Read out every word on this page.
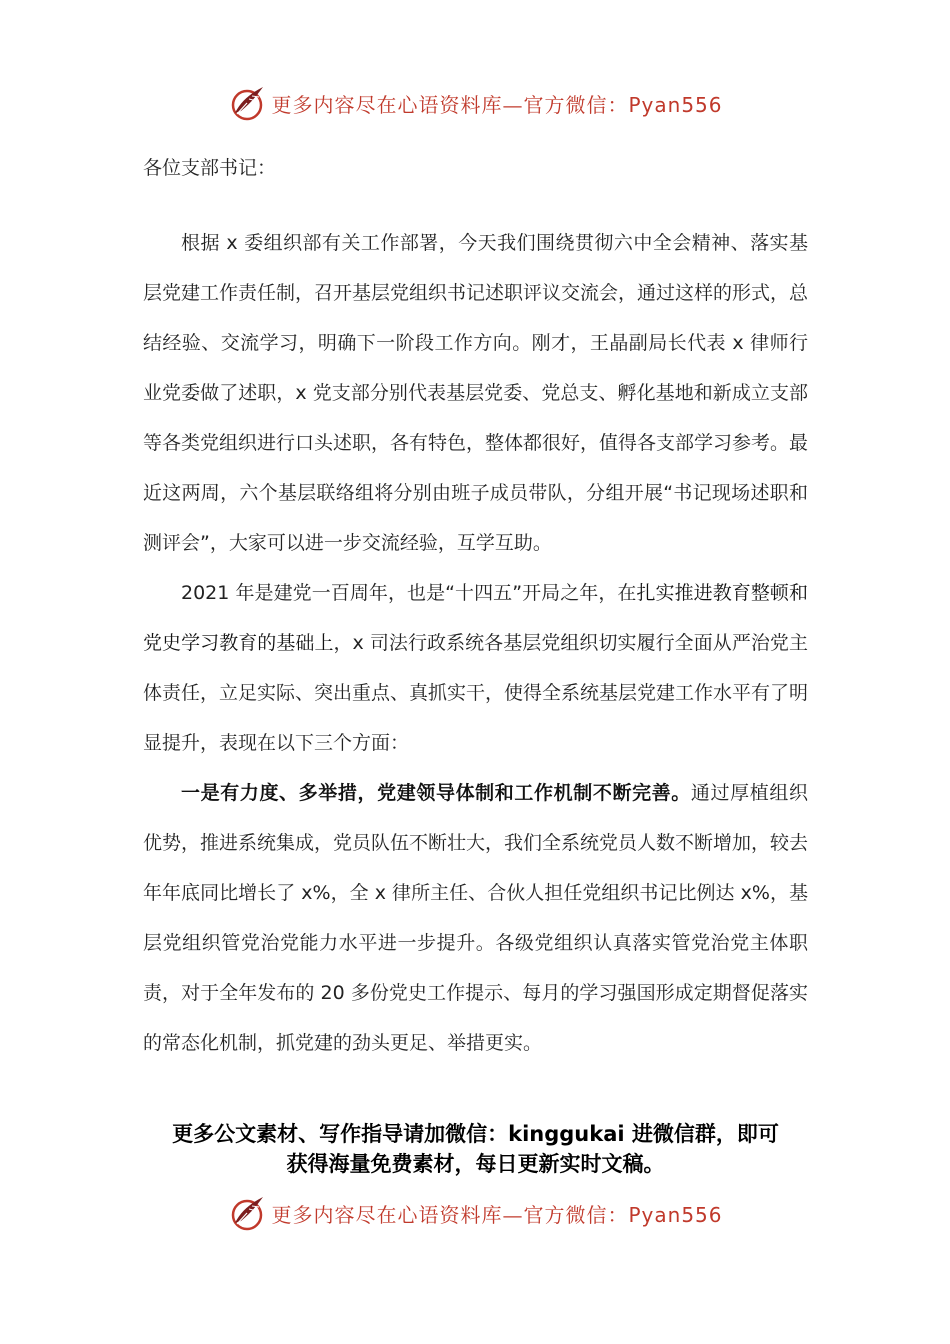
更多内容尽在心语资料库—官方微信：Pyan556

各位支部书记：

根据 x 委组织部有关工作部署，今天我们围绕贯彻六中全会精神、落实基层党建工作责任制，召开基层党组织书记述职评议交流会，通过这样的形式，总结经验、交流学习，明确下一阶段工作方向。刚才，王晶副局长代表 x 律师行业党委做了述职，x 党支部分别代表基层党委、党总支、孵化基地和新成立支部等各类党组织进行口头述职，各有特色，整体都很好，值得各支部学习参考。最近这两周，六个基层联络组将分别由班子成员带队，分组开展“书记现场述职和测评会”，大家可以进一步交流经验，互学互助。

2021 年是建党一百周年，也是“十四五”开局之年，在扎实推进教育整顿和党史学习教育的基础上，x 司法行政系统各基层党组织切实履行全面从严治党主体责任，立足实际、突出重点、真抓实干，使得全系统基层党建工作水平有了明显提升，表现在以下三个方面：

一是有力度、多举措，党建领导体制和工作机制不断完善。通过厚植组织优势，推进系统集成，党员队伍不断壮大，我们全系统党员人数不断增加，较去年年底同比增长了 x%，全 x 律所主任、合伙人担任党组织书记比例达 x%，基层党组织管党治党能力水平进一步提升。各级党组织认真落实管党治党主体职责，对于全年发布的 20 多份党史工作提示、每月的学习强国形成定期督促落实的常态化机制，抓党建的劲头更足、举措更实。

更多公文素材、写作指导请加微信：kinggukai 进微信群，即可
获得海量免费素材，每日更新实时文稿。
更多内容尽在心语资料库—官方微信：Pyan556
